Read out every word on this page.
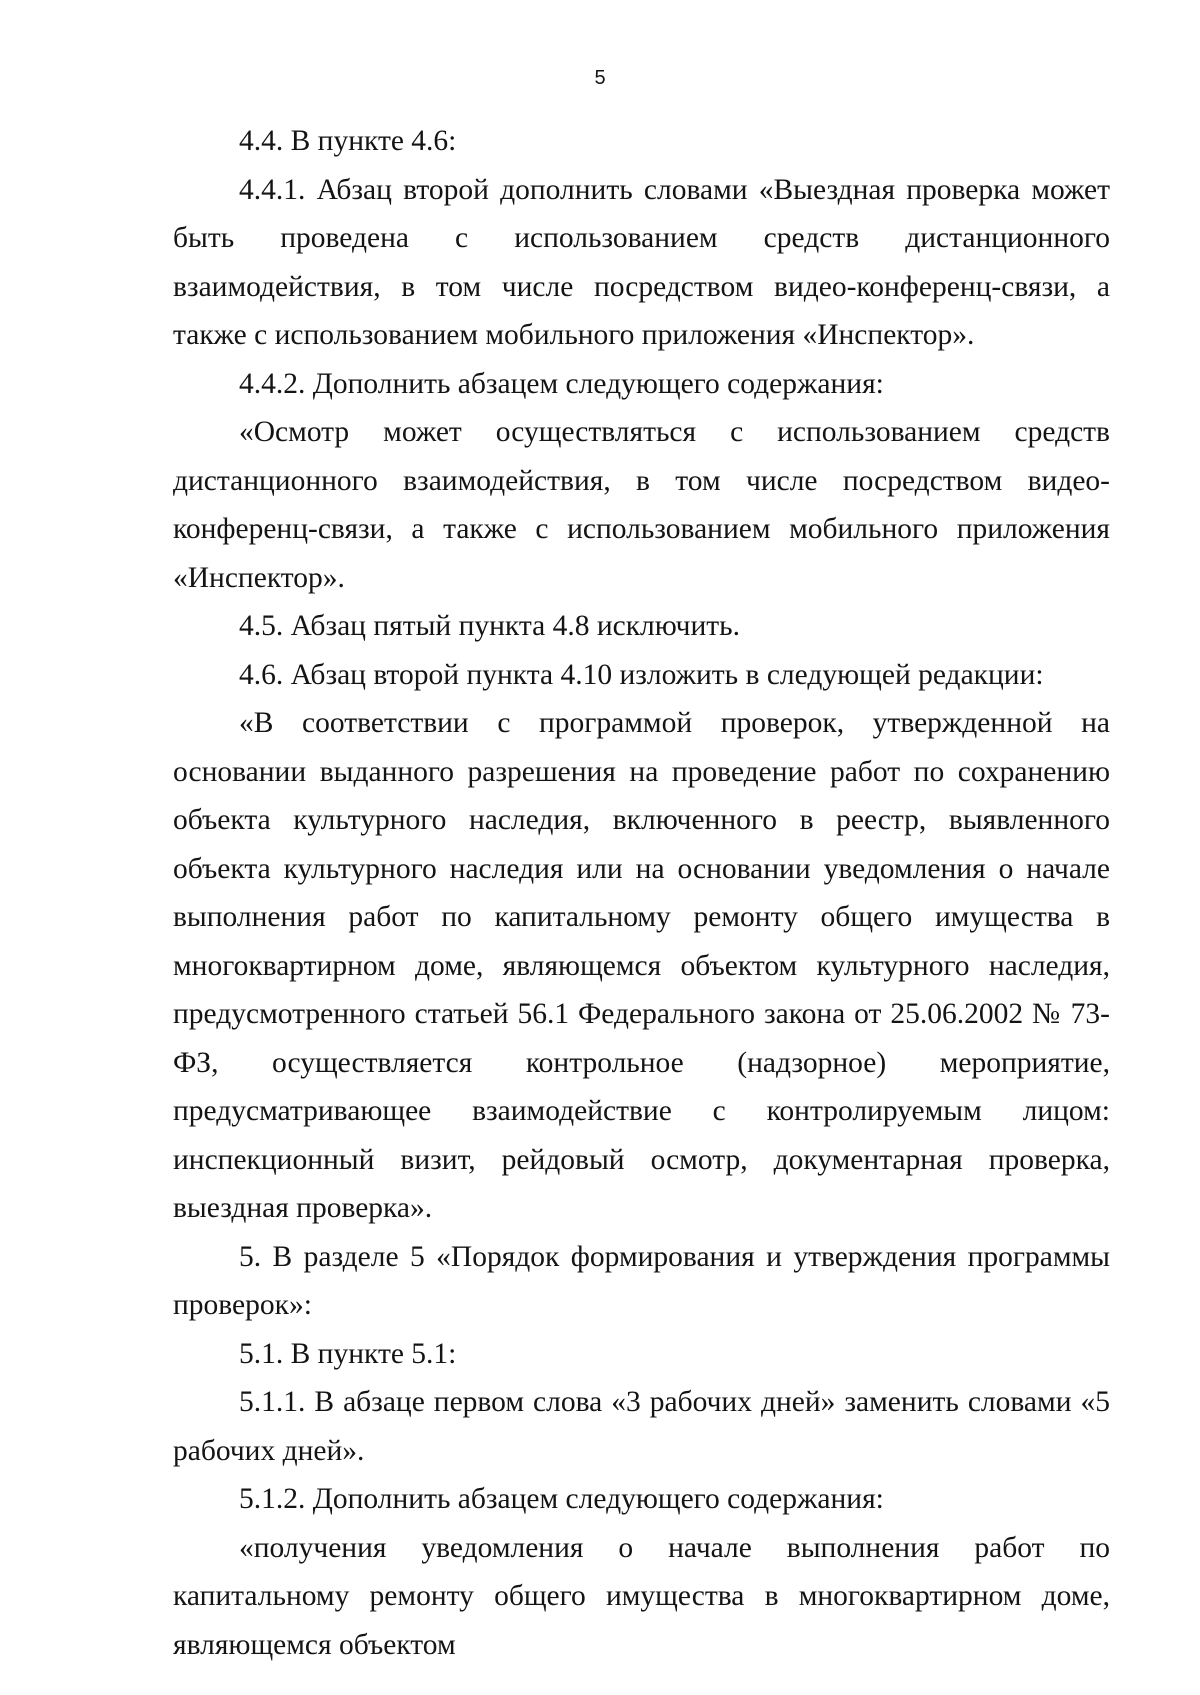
5

4.4. В пункте 4.6:

4.4.1. Абзац второй дополнить словами «Выездная проверка может быть проведена с использованием средств дистанционного взаимодействия, в том числе посредством видео-конференц-связи, а также с использованием мобильного приложения «Инспектор».

4.4.2. Дополнить абзацем следующего содержания:

«Осмотр может осуществляться с использованием средств дистанционного взаимодействия, в том числе посредством видео-конференц-связи, а также с использованием мобильного приложения «Инспектор».

4.5. Абзац пятый пункта 4.8 исключить.

4.6. Абзац второй пункта 4.10 изложить в следующей редакции:

«В соответствии с программой проверок, утвержденной на основании выданного разрешения на проведение работ по сохранению объекта культурного наследия, включенного в реестр, выявленного объекта культурного наследия или на основании уведомления о начале выполнения работ по капитальному ремонту общего имущества в многоквартирном доме, являющемся объектом культурного наследия, предусмотренного статьей 56.1 Федерального закона от 25.06.2002 № 73-ФЗ, осуществляется контрольное (надзорное) мероприятие, предусматривающее взаимодействие с контролируемым лицом: инспекционный визит, рейдовый осмотр, документарная проверка, выездная проверка».

5. В разделе 5 «Порядок формирования и утверждения программы проверок»:

5.1. В пункте 5.1:

5.1.1. В абзаце первом слова «3 рабочих дней» заменить словами «5 рабочих дней».

5.1.2. Дополнить абзацем следующего содержания:

«получения уведомления о начале выполнения работ по капитальному ремонту общего имущества в многоквартирном доме, являющемся объектом
